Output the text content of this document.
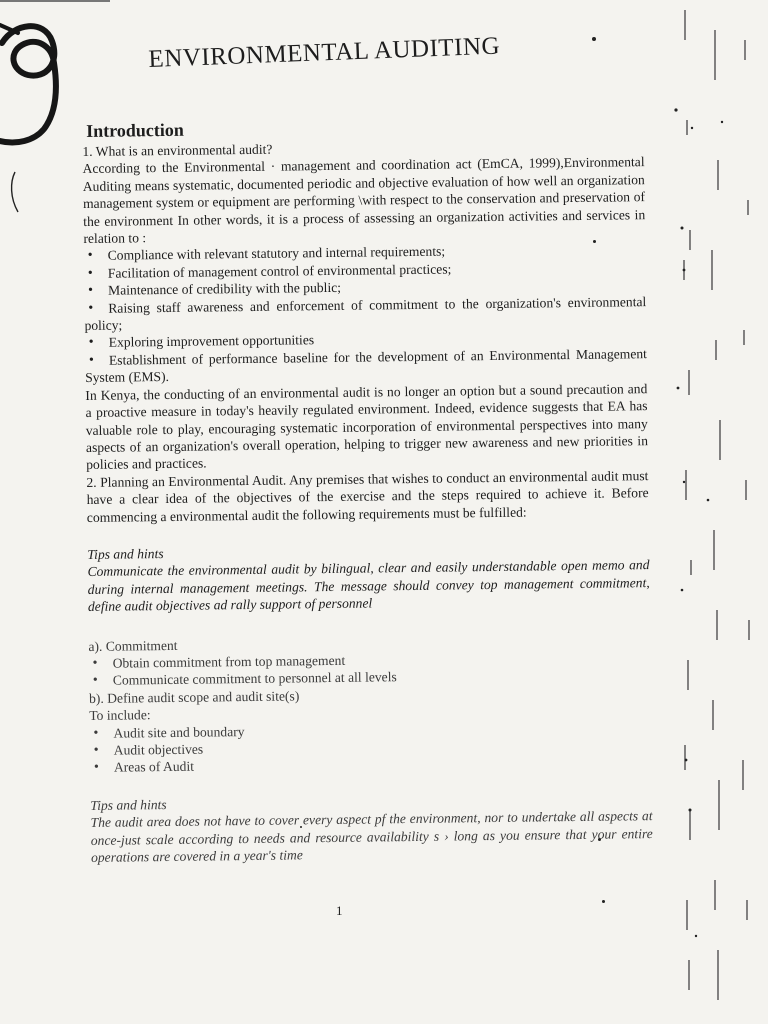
ENVIRONMENTAL AUDITING
Introduction

1. What is an environmental audit?

According to the Environmental · management and coordination act (EmCA, 1999),Environmental Auditing means systematic, documented periodic and objective evaluation of how well an organization management system or equipment are performing \with respect to the conservation and preservation of the environment In other words, it is a process of assessing an organization activities and services in relation to :

• Compliance with relevant statutory and internal requirements;
• Facilitation of management control of environmental practices;
• Maintenance of credibility with the public;
• Raising staff awareness and enforcement of commitment to the organization's environmental policy;
• Exploring improvement opportunities
• Establishment of performance baseline for the development of an Environmental Management System (EMS).

In Kenya, the conducting of an environmental audit is no longer an option but a sound precaution and a proactive measure in today's heavily regulated environment. Indeed, evidence suggests that EA has valuable role to play, encouraging systematic incorporation of environmental perspectives into many aspects of an organization's overall operation, helping to trigger new awareness and new priorities in policies and practices.

2. Planning an Environmental Audit. Any premises that wishes to conduct an environmental audit must have a clear idea of the objectives of the exercise and the steps required to achieve it. Before commencing a environmental audit the following requirements must be fulfilled:

Tips and hints

Communicate the environmental audit by bilingual, clear and easily understandable open memo and during internal management meetings. The message should convey top management commitment, define audit objectives ad rally support of personnel

a). Commitment

• Obtain commitment from top management
• Communicate commitment to personnel at all levels

b). Define audit scope and audit site(s)

To include:

• Audit site and boundary
• Audit objectives
• Areas of Audit

Tips and hints

The audit area does not have to cover every aspect pf the environment, nor to undertake all aspects at once-just scale according to needs and resource availability s › long as you ensure that your entire operations are covered in a year's time

1
